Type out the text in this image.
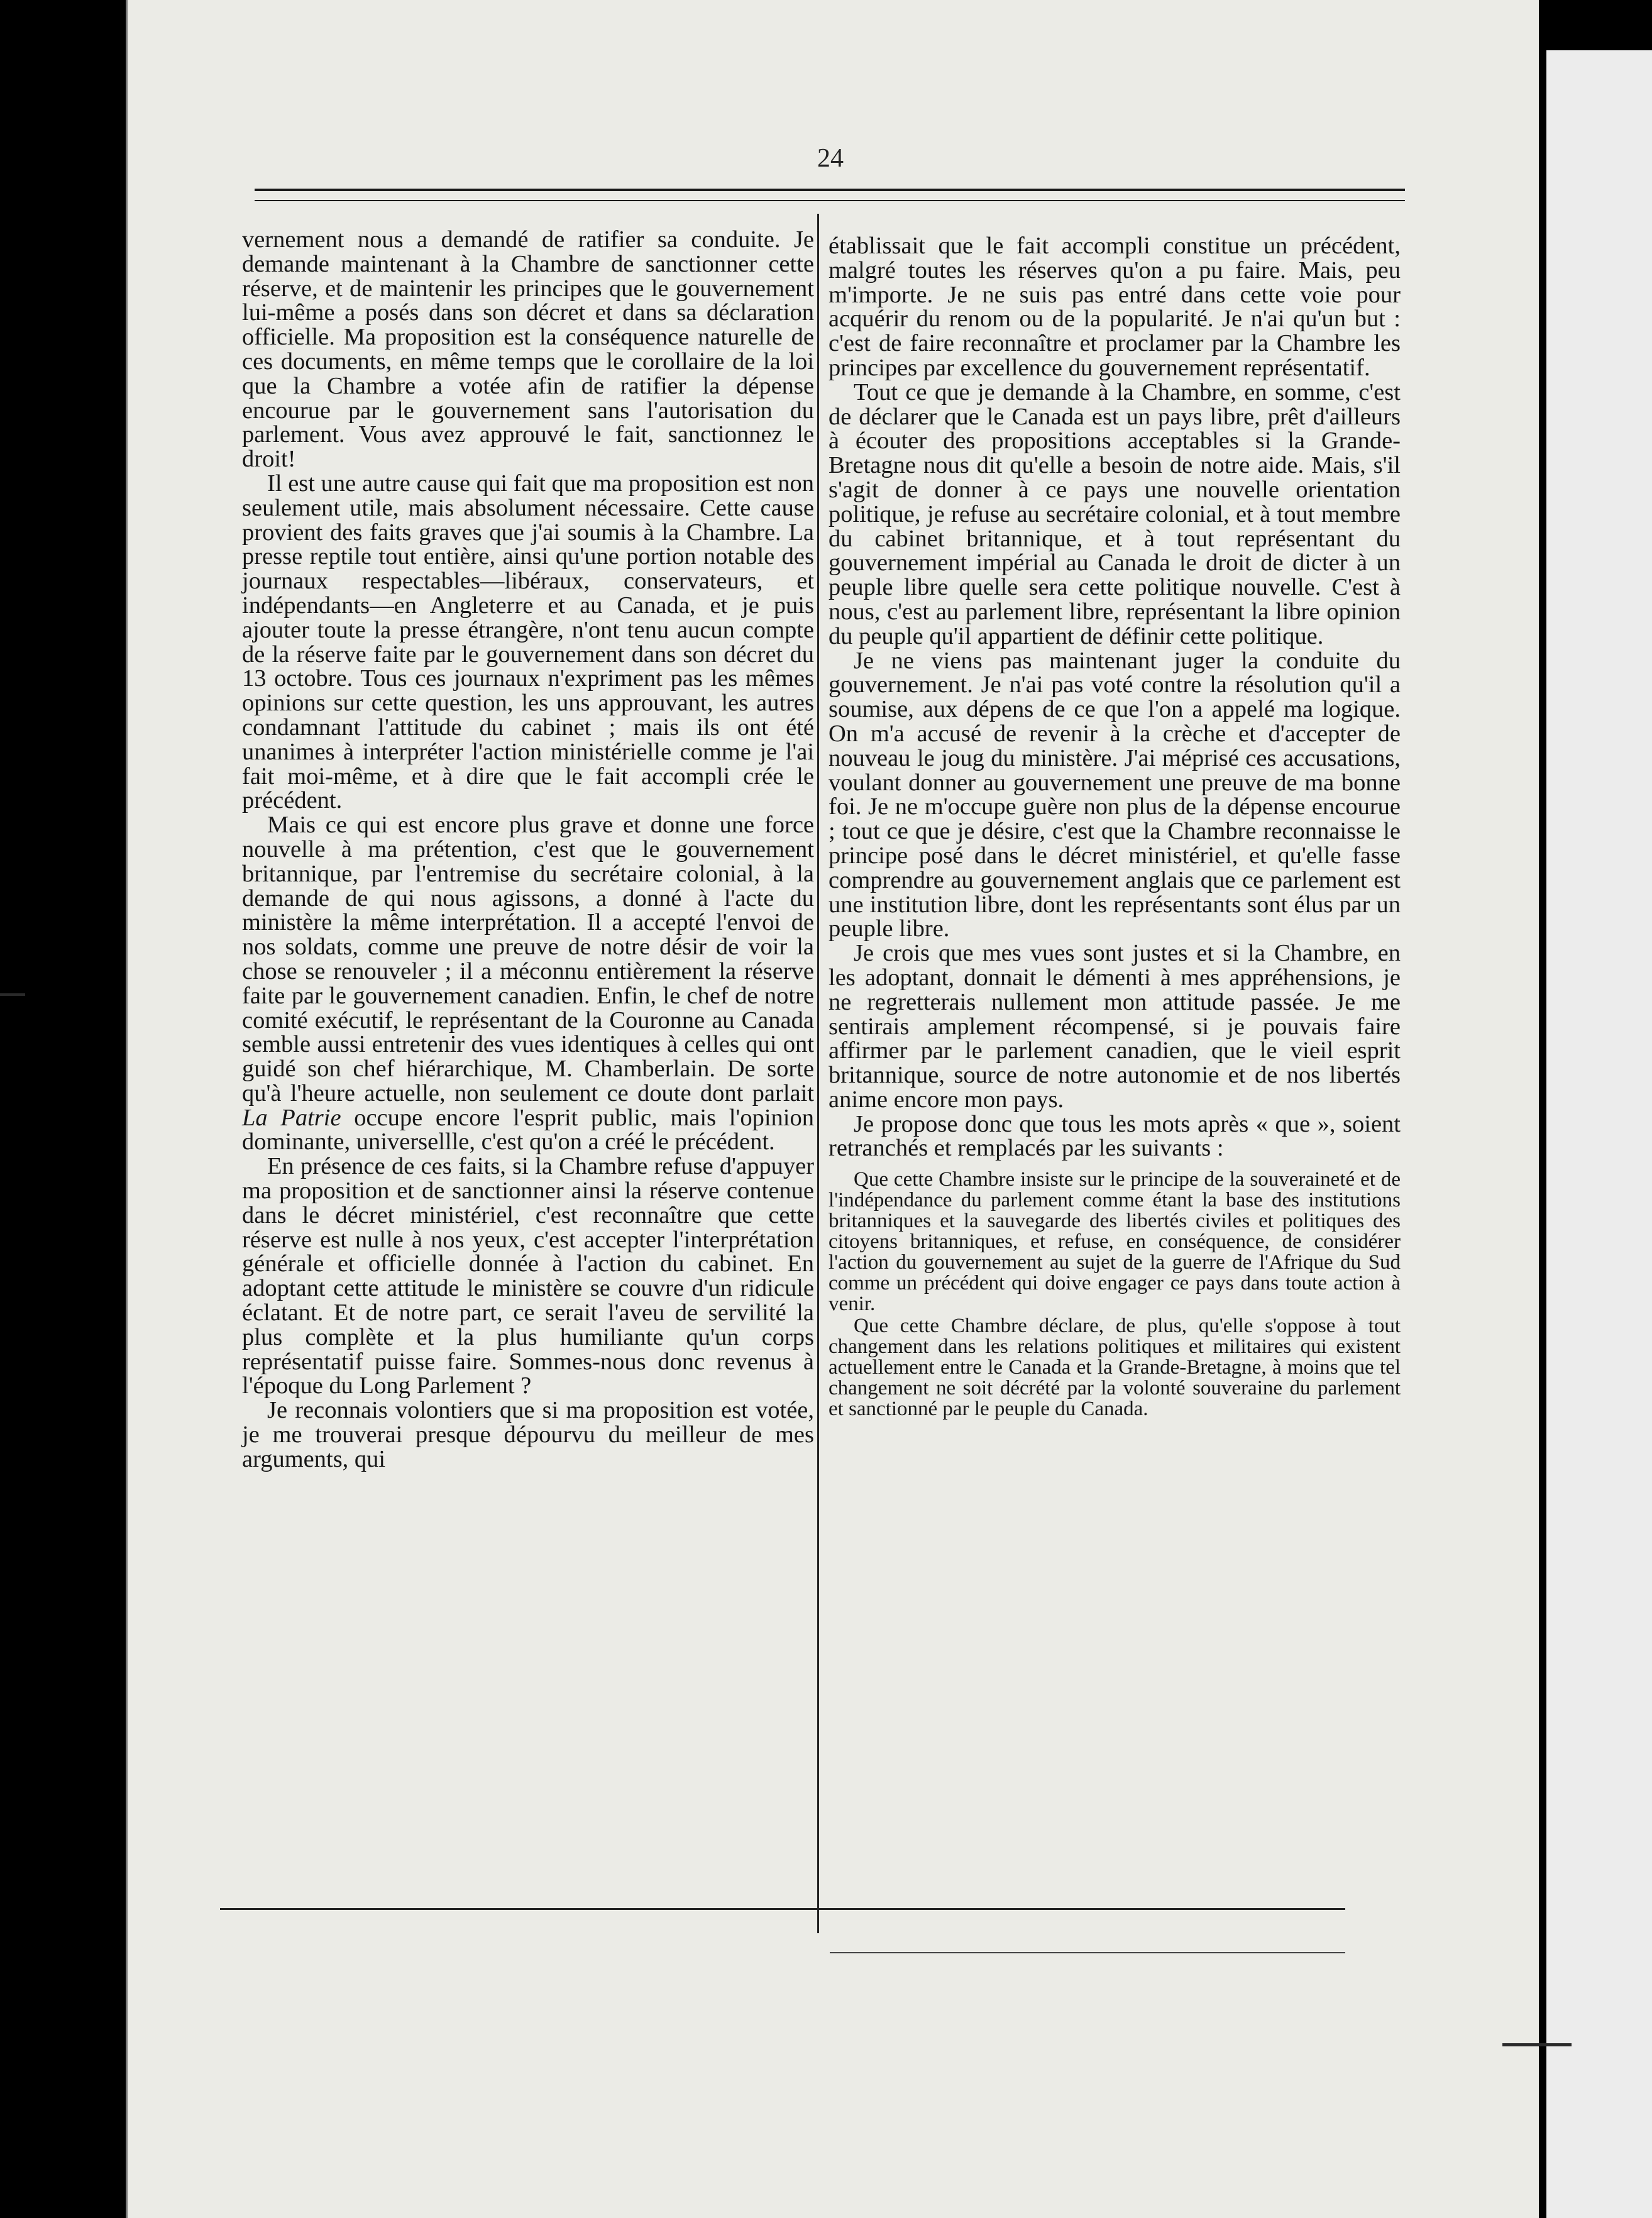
24

vernement nous a demandé de ratifier sa conduite. Je demande maintenant à la Chambre de sanctionner cette réserve, et de maintenir les principes que le gouvernement lui-même a posés dans son décret et dans sa déclaration officielle. Ma proposition est la conséquence naturelle de ces documents, en même temps que le corollaire de la loi que la Chambre a votée afin de ratifier la dépense encourue par le gouvernement sans l'autorisation du parlement. Vous avez approuvé le fait, sanctionnez le droit!

Il est une autre cause qui fait que ma proposition est non seulement utile, mais absolument nécessaire. Cette cause provient des faits graves que j'ai soumis à la Chambre. La presse reptile tout entière, ainsi qu'une portion notable des journaux respectables—libéraux, conservateurs, et indépendants—en Angleterre et au Canada, et je puis ajouter toute la presse étrangère, n'ont tenu aucun compte de la réserve faite par le gouvernement dans son décret du 13 octobre. Tous ces journaux n'expriment pas les mêmes opinions sur cette question, les uns approuvant, les autres condamnant l'attitude du cabinet ; mais ils ont été unanimes à interpréter l'action ministérielle comme je l'ai fait moi-même, et à dire que le fait accompli crée le précédent.

Mais ce qui est encore plus grave et donne une force nouvelle à ma prétention, c'est que le gouvernement britannique, par l'entremise du secrétaire colonial, à la demande de qui nous agissons, a donné à l'acte du ministère la même interprétation. Il a accepté l'envoi de nos soldats, comme une preuve de notre désir de voir la chose se renouveler ; il a méconnu entièrement la réserve faite par le gouvernement canadien. Enfin, le chef de notre comité exécutif, le représentant de la Couronne au Canada semble aussi entretenir des vues identiques à celles qui ont guidé son chef hiérarchique, M. Chamberlain. De sorte qu'à l'heure actuelle, non seulement ce doute dont parlait La Patrie occupe encore l'esprit public, mais l'opinion dominante, universellle, c'est qu'on a créé le précédent.

En présence de ces faits, si la Chambre refuse d'appuyer ma proposition et de sanctionner ainsi la réserve contenue dans le décret ministériel, c'est reconnaître que cette réserve est nulle à nos yeux, c'est accepter l'interprétation générale et officielle donnée à l'action du cabinet. En adoptant cette attitude le ministère se couvre d'un ridicule éclatant. Et de notre part, ce serait l'aveu de servilité la plus complète et la plus humiliante qu'un corps représentatif puisse faire. Sommes-nous donc revenus à l'époque du Long Parlement ?

Je reconnais volontiers que si ma proposition est votée, je me trouverai presque dépourvu du meilleur de mes arguments, qui

établissait que le fait accompli constitue un précédent, malgré toutes les réserves qu'on a pu faire. Mais, peu m'importe. Je ne suis pas entré dans cette voie pour acquérir du renom ou de la popularité. Je n'ai qu'un but : c'est de faire reconnaître et proclamer par la Chambre les principes par excellence du gouvernement représentatif.

Tout ce que je demande à la Chambre, en somme, c'est de déclarer que le Canada est un pays libre, prêt d'ailleurs à écouter des propositions acceptables si la Grande-Bretagne nous dit qu'elle a besoin de notre aide. Mais, s'il s'agit de donner à ce pays une nouvelle orientation politique, je refuse au secrétaire colonial, et à tout membre du cabinet britannique, et à tout représentant du gouvernement impérial au Canada le droit de dicter à un peuple libre quelle sera cette politique nouvelle. C'est à nous, c'est au parlement libre, représentant la libre opinion du peuple qu'il appartient de définir cette politique.

Je ne viens pas maintenant juger la conduite du gouvernement. Je n'ai pas voté contre la résolution qu'il a soumise, aux dépens de ce que l'on a appelé ma logique. On m'a accusé de revenir à la crèche et d'accepter de nouveau le joug du ministère. J'ai méprisé ces accusations, voulant donner au gouvernement une preuve de ma bonne foi. Je ne m'occupe guère non plus de la dépense encourue ; tout ce que je désire, c'est que la Chambre reconnaisse le principe posé dans le décret ministériel, et qu'elle fasse comprendre au gouvernement anglais que ce parlement est une institution libre, dont les représentants sont élus par un peuple libre.

Je crois que mes vues sont justes et si la Chambre, en les adoptant, donnait le démenti à mes appréhensions, je ne regretterais nullement mon attitude passée. Je me sentirais amplement récompensé, si je pouvais faire affirmer par le parlement canadien, que le vieil esprit britannique, source de notre autonomie et de nos libertés anime encore mon pays.

Je propose donc que tous les mots après « que », soient retranchés et remplacés par les suivants :

Que cette Chambre insiste sur le principe de la souveraineté et de l'indépendance du parlement comme étant la base des institutions britanniques et la sauvegarde des libertés civiles et politiques des citoyens britanniques, et refuse, en conséquence, de considérer l'action du gouvernement au sujet de la guerre de l'Afrique du Sud comme un précédent qui doive engager ce pays dans toute action à venir.

Que cette Chambre déclare, de plus, qu'elle s'oppose à tout changement dans les relations politiques et militaires qui existent actuellement entre le Canada et la Grande-Bretagne, à moins que tel changement ne soit décrété par la volonté souveraine du parlement et sanctionné par le peuple du Canada.
